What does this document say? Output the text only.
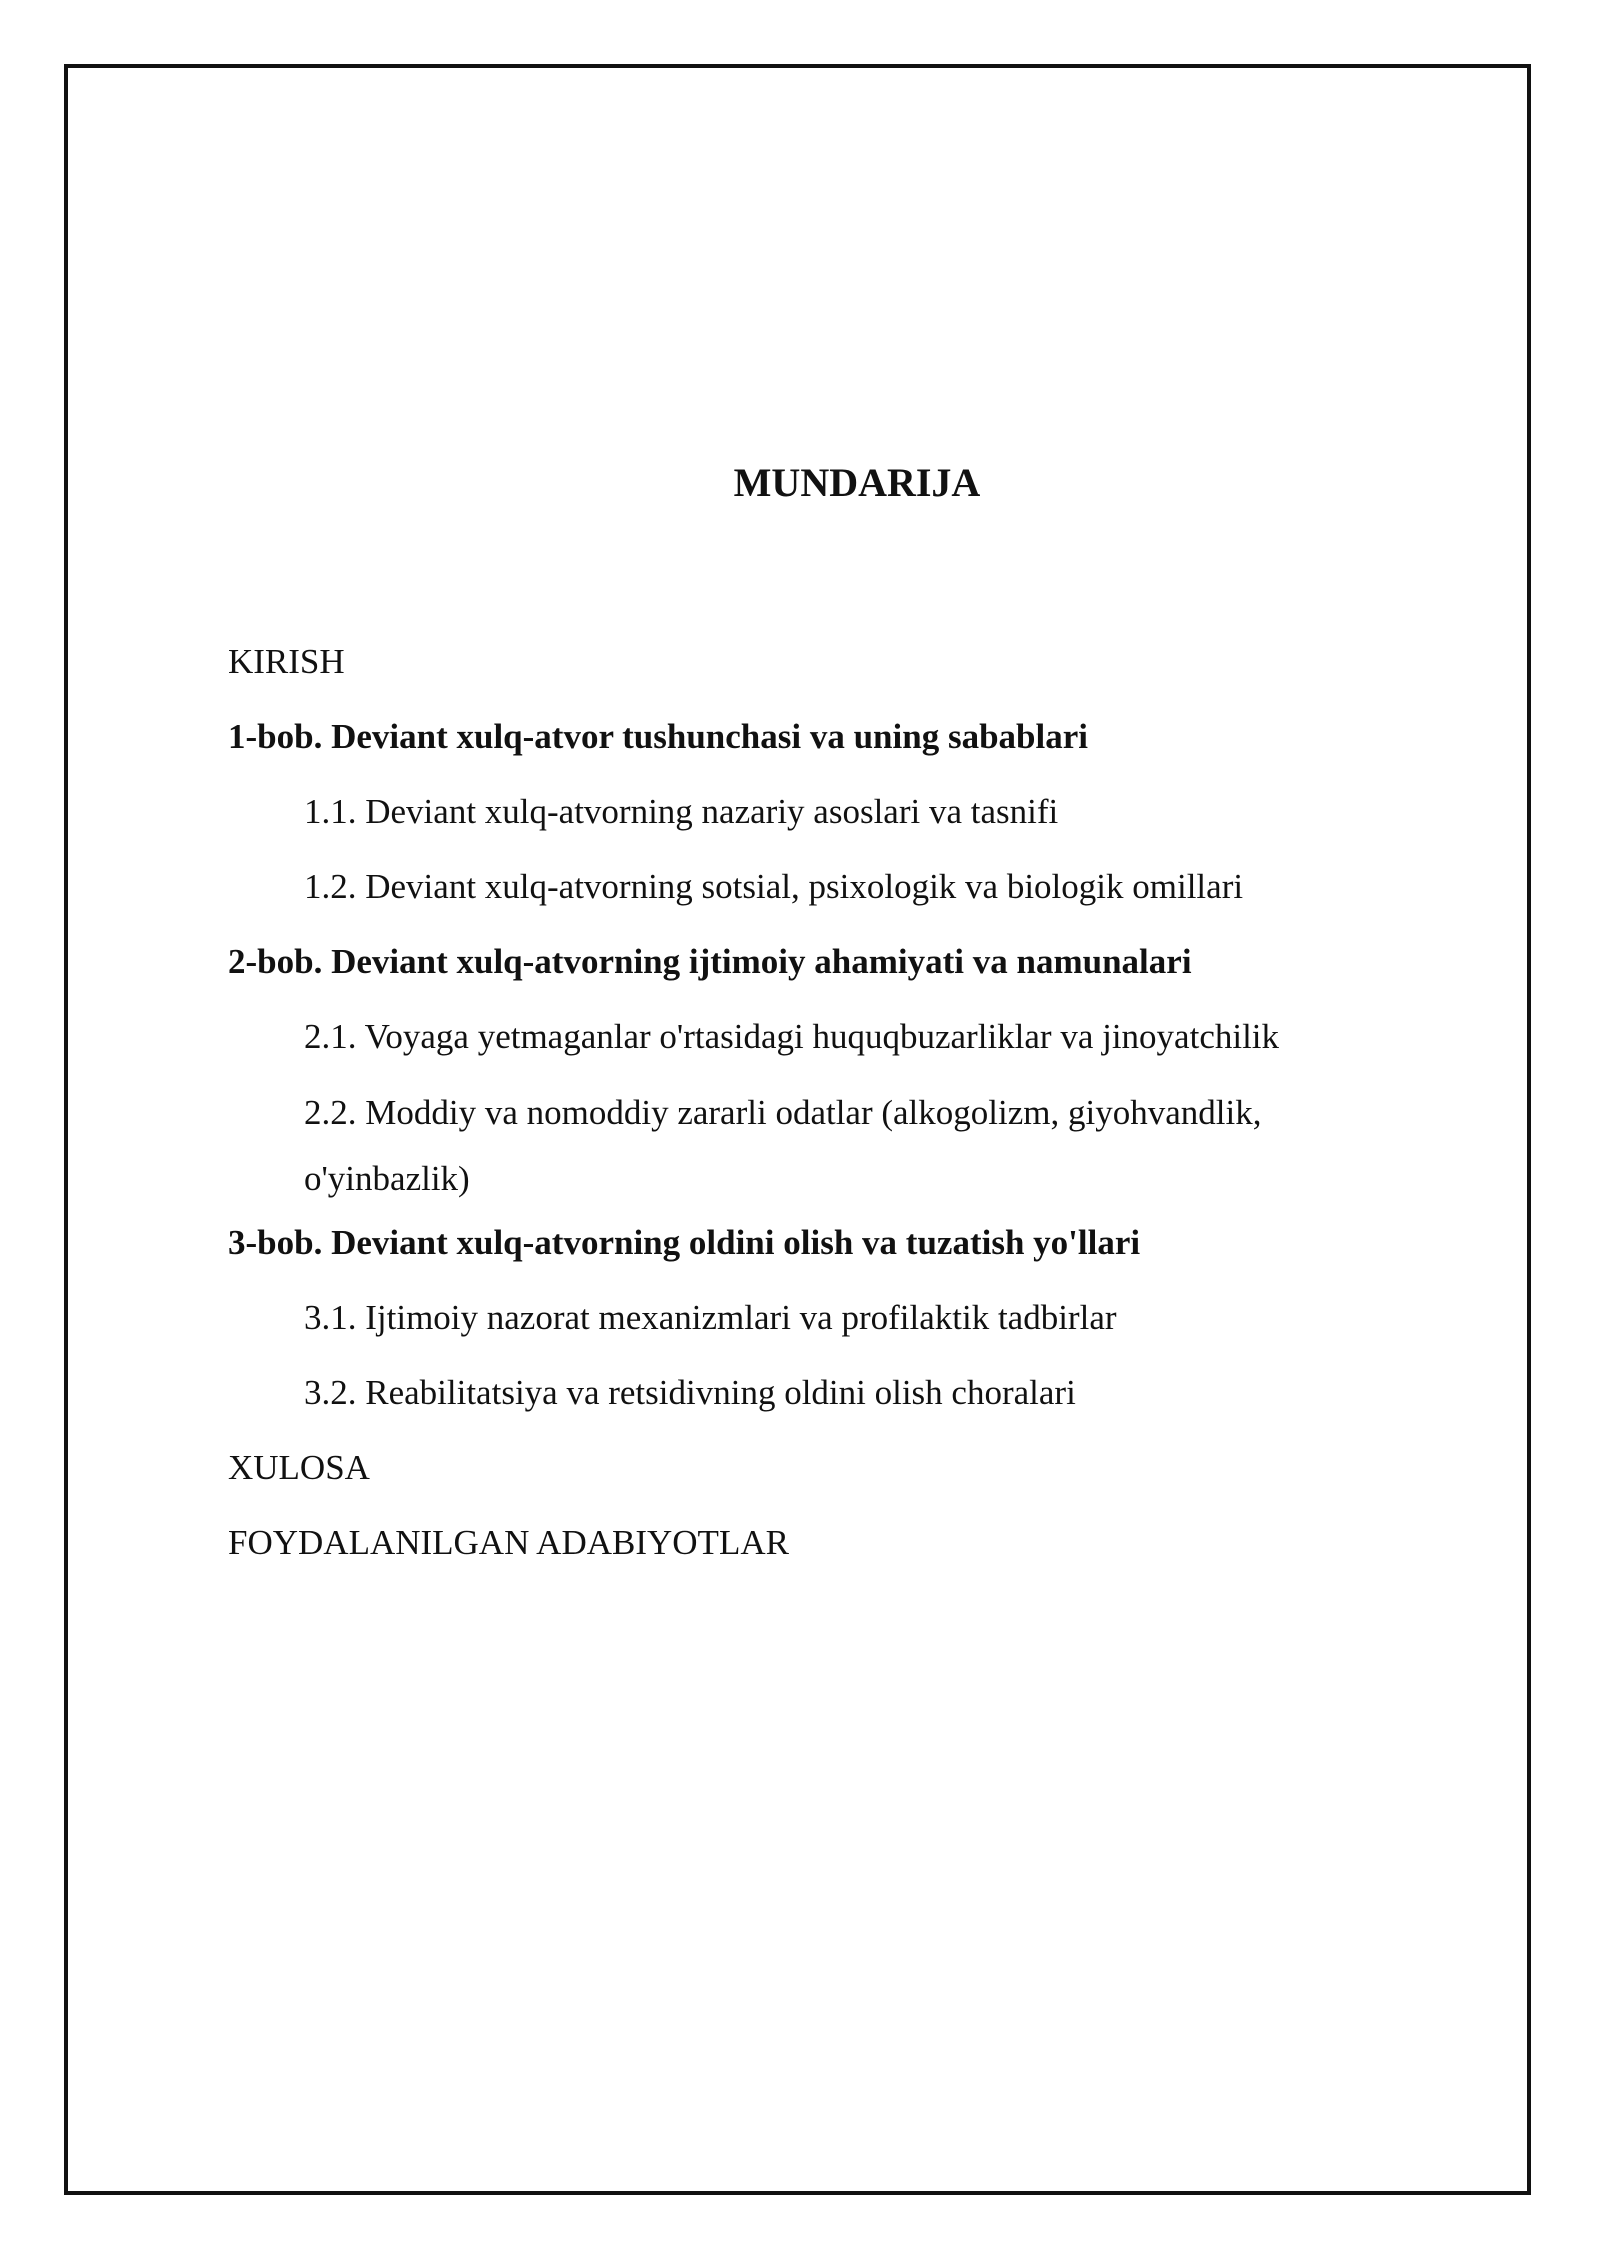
MUNDARIJA
KIRISH
1-bob. Deviant xulq-atvor tushunchasi va uning sabablari
1.1. Deviant xulq-atvorning nazariy asoslari va tasnifi
1.2. Deviant xulq-atvorning sotsial, psixologik va biologik omillari
2-bob. Deviant xulq-atvorning ijtimoiy ahamiyati va namunalari
2.1. Voyaga yetmaganlar o'rtasidagi huquqbuzarliklar va jinoyatchilik
2.2. Moddiy va nomoddiy zararli odatlar (alkogolizm, giyohvandlik, o'yinbazlik)
3-bob. Deviant xulq-atvorning oldini olish va tuzatish yo'llari
3.1. Ijtimoiy nazorat mexanizmlari va profilaktik tadbirlar
3.2. Reabilitatsiya va retsidivning oldini olish choralari
XULOSA
FOYDALANILGAN ADABIYOTLAR
